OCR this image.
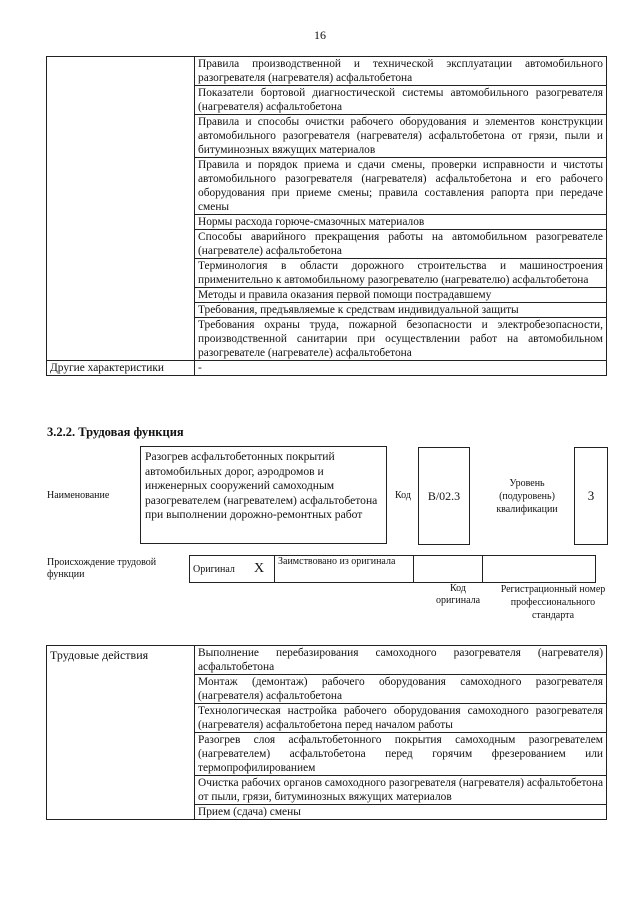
16
	Правила производственной и технической эксплуатации автомобильного разогревателя (нагревателя) асфальтобетона
	Показатели бортовой диагностической системы автомобильного разогревателя (нагревателя) асфальтобетона
	Правила и способы очистки рабочего оборудования и элементов конструкции автомобильного разогревателя (нагревателя) асфальтобетона от грязи, пыли и битуминозных вяжущих материалов
	Правила и порядок приема и сдачи смены, проверки исправности и чистоты автомобильного разогревателя (нагревателя) асфальтобетона и его рабочего оборудования при приеме смены; правила составления рапорта при передаче смены
	Нормы расхода горюче-смазочных материалов
	Способы аварийного прекращения работы на автомобильном разогревателе (нагревателе) асфальтобетона
	Терминология в области дорожного строительства и машиностроения применительно к автомобильному разогревателю (нагревателю) асфальтобетона
	Методы и правила оказания первой помощи пострадавшему
	Требования, предъявляемые к средствам индивидуальной защиты
	Требования охраны труда, пожарной безопасности и электробезопасности, производственной санитарии при осуществлении работ на автомобильном разогревателе (нагревателе) асфальтобетона
Другие характеристики	-
3.2.2. Трудовая функция
Наименование
Разогрев асфальтобетонных покрытий автомобильных дорог, аэродромов и инженерных сооружений самоходным разогревателем (нагревателем) асфальтобетона при выполнении дорожно-ремонтных работ
Код	B/02.3
Уровень (подуровень) квалификации
3
Происхождение трудовой функции	Оригинал	X	Заимствовано из оригинала		
Код оригинала
Регистрационный номер профессионального стандарта
Трудовые действия	Выполнение перебазирования самоходного разогревателя (нагревателя) асфальтобетона
Монтаж (демонтаж) рабочего оборудования самоходного разогревателя (нагревателя) асфальтобетона
Технологическая настройка рабочего оборудования самоходного разогревателя (нагревателя) асфальтобетона перед началом работы
Разогрев слоя асфальтобетонного покрытия самоходным разогревателем (нагревателем) асфальтобетона перед горячим фрезерованием или термопрофилированием
Очистка рабочих органов самоходного разогревателя (нагревателя) асфальтобетона от пыли, грязи, битуминозных вяжущих материалов
Прием (сдача) смены
